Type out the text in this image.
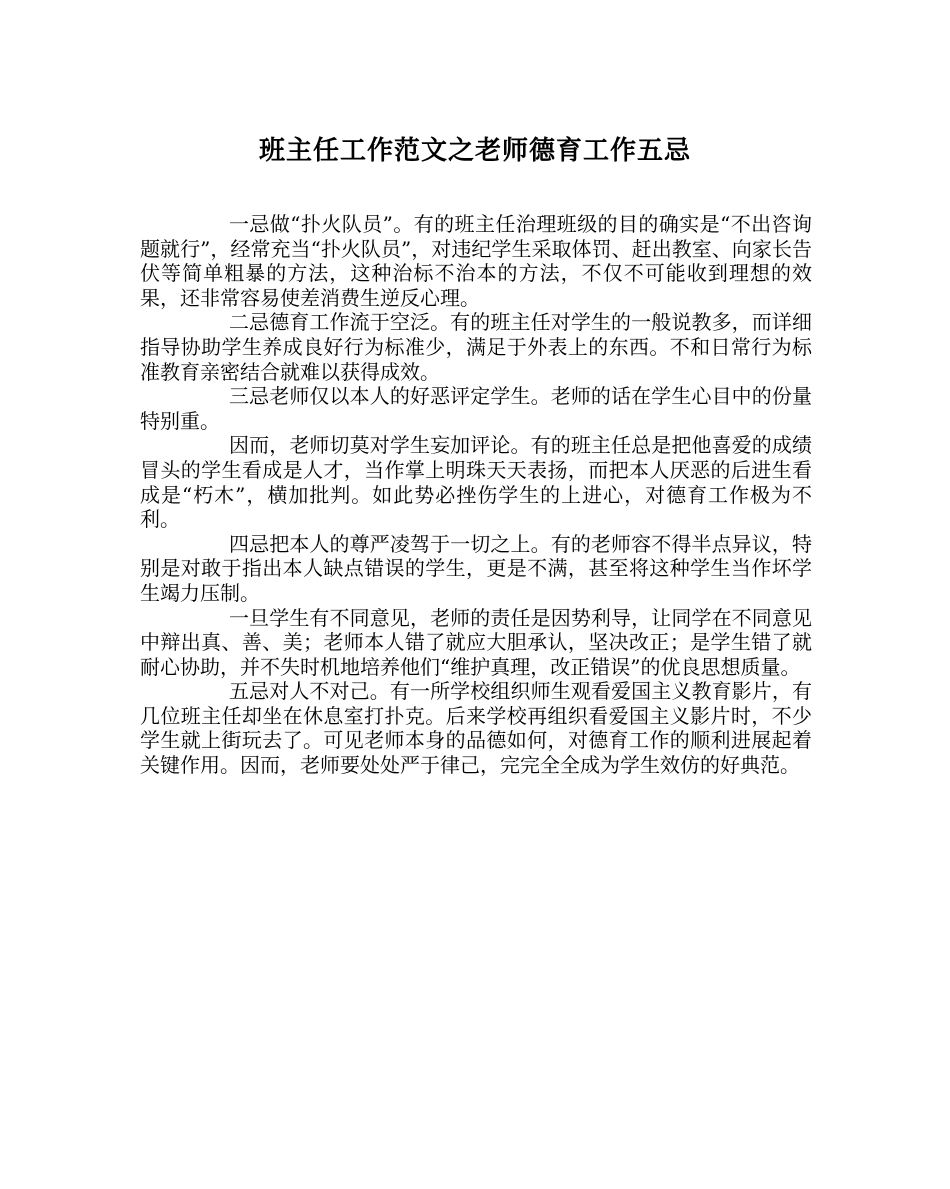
班主任工作范文之老师德育工作五忌

一忌做“扑火队员”。有的班主任治理班级的目的确实是“不出咨询题就行”，经常充当“扑火队员”，对违纪学生采取体罚、赶出教室、向家长告伏等简单粗暴的方法，这种治标不治本的方法，不仅不可能收到理想的效果，还非常容易使差消费生逆反心理。

二忌德育工作流于空泛。有的班主任对学生的一般说教多，而详细指导协助学生养成良好行为标准少，满足于外表上的东西。不和日常行为标准教育亲密结合就难以获得成效。

三忌老师仅以本人的好恶评定学生。老师的话在学生心目中的份量特别重。

因而，老师切莫对学生妄加评论。有的班主任总是把他喜爱的成绩冒头的学生看成是人才，当作掌上明珠天天表扬，而把本人厌恶的后进生看成是“朽木”，横加批判。如此势必挫伤学生的上进心，对德育工作极为不利。

四忌把本人的尊严凌驾于一切之上。有的老师容不得半点异议，特别是对敢于指出本人缺点错误的学生，更是不满，甚至将这种学生当作坏学生竭力压制。

一旦学生有不同意见，老师的责任是因势利导，让同学在不同意见中辩出真、善、美；老师本人错了就应大胆承认，坚决改正；是学生错了就耐心协助，并不失时机地培养他们“维护真理，改正错误”的优良思想质量。

五忌对人不对己。有一所学校组织师生观看爱国主义教育影片，有几位班主任却坐在休息室打扑克。后来学校再组织看爱国主义影片时，不少学生就上街玩去了。可见老师本身的品德如何，对德育工作的顺利进展起着关键作用。因而，老师要处处严于律己，完完全全成为学生效仿的好典范。
